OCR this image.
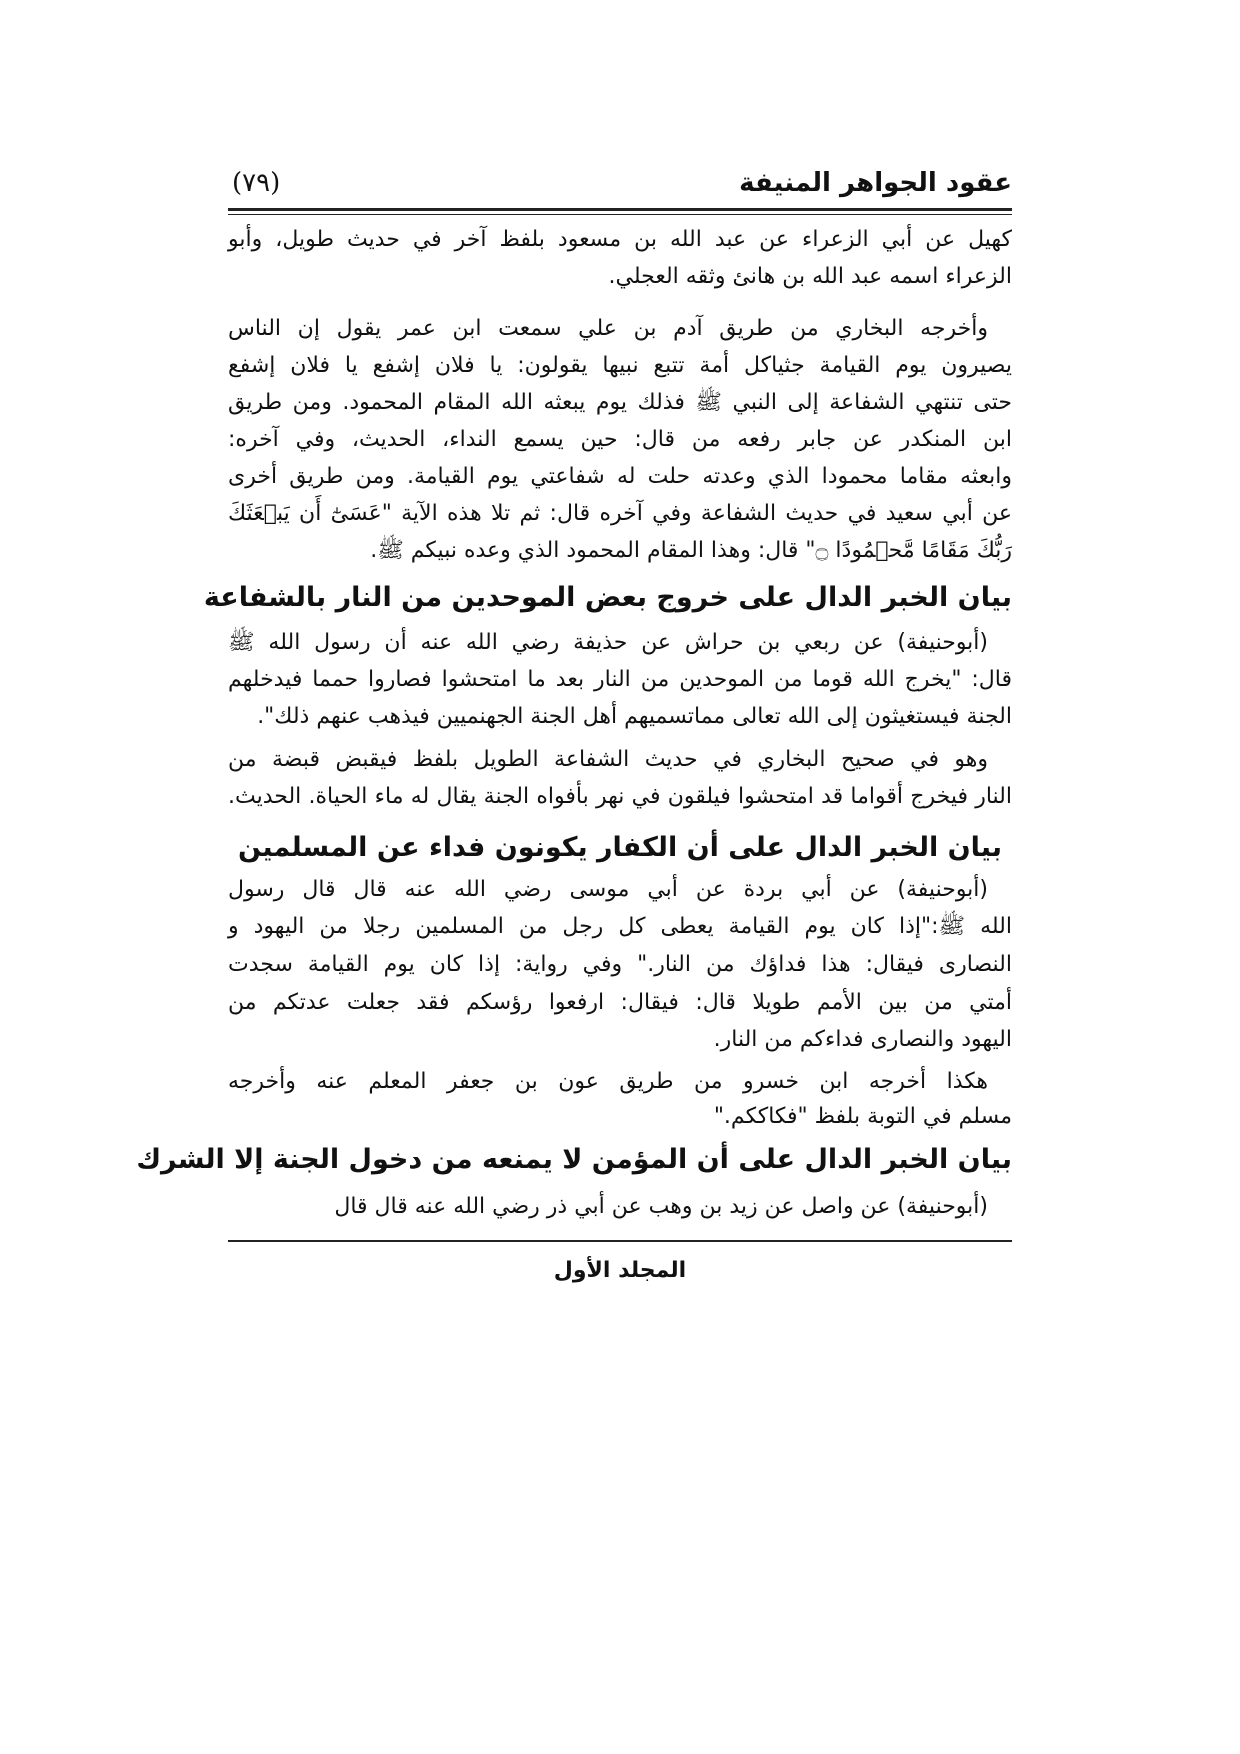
عقود الجواهر المنيفة
(٧٩)
كهيل عن أبي الزعراء عن عبد الله بن مسعود بلفظ آخر في حديث طويل، وأبو
الزعراء اسمه عبد الله بن هانئ وثقه العجلي.
وأخرجه البخاري من طريق آدم بن علي سمعت ابن عمر يقول إن الناس
يصيرون يوم القيامة جثياكل أمة تتبع نبيها يقولون: يا فلان إشفع يا فلان إشفع
حتى تنتهي الشفاعة إلى النبي ﷺ فذلك يوم يبعثه الله المقام المحمود. ومن طريق
ابن المنكدر عن جابر رفعه من قال: حين يسمع النداء، الحديث، وفي آخره:
وابعثه مقاما محمودا الذي وعدته حلت له شفاعتي يوم القيامة. ومن طريق أخرى
عن أبي سعيد في حديث الشفاعة وفي آخره قال: ثم تلا هذه الآية "عَسَىٰٓ أَن يَبۡعَثَكَ
رَبُّكَ مَقَامًا مَّحۡمُودًا ۝" قال: وهذا المقام المحمود الذي وعده نبيكم ﷺ.
بيان الخبر الدال على خروج بعض الموحدين من النار بالشفاعة
(أبوحنيفة) عن ربعي بن حراش عن حذيفة رضي الله عنه أن رسول الله ﷺ
قال: "يخرج الله قوما من الموحدين من النار بعد ما امتحشوا فصاروا حمما فيدخلهم
الجنة فيستغيثون إلى الله تعالى مماتسميهم أهل الجنة الجهنميين فيذهب عنهم ذلك".
وهو في صحيح البخاري في حديث الشفاعة الطويل بلفظ فيقبض قبضة من
النار فيخرج أقواما قد امتحشوا فيلقون في نهر بأفواه الجنة يقال له ماء الحياة. الحديث.
بيان الخبر الدال على أن الكفار يكونون فداء عن المسلمين
(أبوحنيفة) عن أبي بردة عن أبي موسى رضي الله عنه قال قال رسول
الله ﷺ:"إذا كان يوم القيامة يعطى كل رجل من المسلمين رجلا من اليهود و
النصارى فيقال: هذا فداؤك من النار." وفي رواية: إذا كان يوم القيامة سجدت
أمتي من بين الأمم طويلا قال: فيقال: ارفعوا رؤسكم فقد جعلت عدتكم من
اليهود والنصارى فداءكم من النار.
هكذا أخرجه ابن خسرو من طريق عون بن جعفر المعلم عنه وأخرجه
مسلم في التوبة بلفظ "فكاككم."
بيان الخبر الدال على أن المؤمن لا يمنعه من دخول الجنة إلا الشرك
(أبوحنيفة) عن واصل عن زيد بن وهب عن أبي ذر رضي الله عنه قال قال
المجلد الأول
